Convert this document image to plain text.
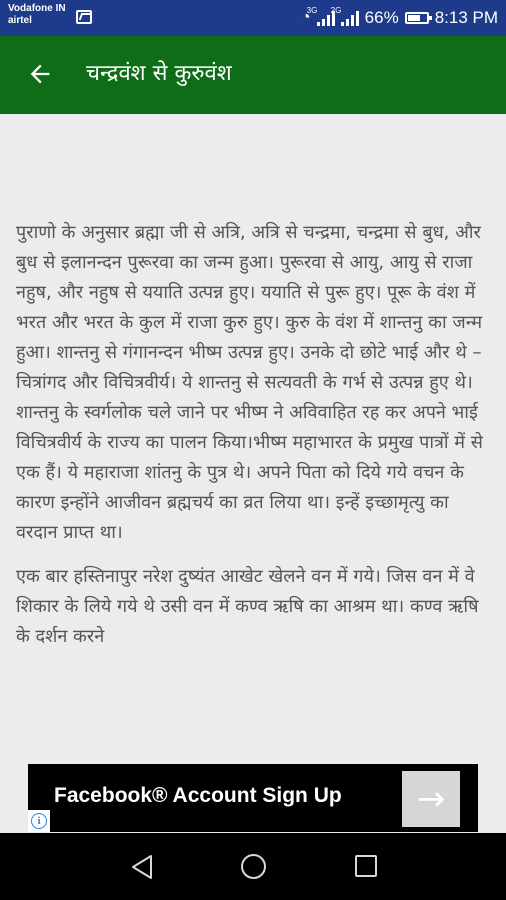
Vodafone IN
airtel	◔
3G 2G 66% 8:13 PM
चन्द्रवंश से कुरुवंश

पुराणो के अनुसार ब्रह्मा जी से अत्रि, अत्रि से चन्द्रमा, चन्द्रमा से बुध, और बुध से इलानन्दन पुरूरवा का जन्म हुआ। पुरूरवा से आयु, आयु से राजा नहुष, और नहुष से ययाति उत्पन्न हुए। ययाति से पुरू हुए। पूरू के वंश में भरत और भरत के कुल में राजा कुरु हुए। कुरु के वंश में शान्तनु का जन्म हुआ। शान्तनु से गंगानन्दन भीष्म उत्पन्न हुए। उनके दो छोटे भाई और थे – चित्रांगद और विचित्रवीर्य। ये शान्तनु से सत्यवती के गर्भ से उत्पन्न हुए थे। शान्तनु के स्वर्गलोक चले जाने पर भीष्म ने अविवाहित रह कर अपने भाई विचित्रवीर्य के राज्य का पालन किया।भीष्म महाभारत के प्रमुख पात्रों में से एक हैं। ये महाराजा शांतनु के पुत्र थे। अपने पिता को दिये गये वचन के कारण इन्होंने आजीवन ब्रह्मचर्य का व्रत लिया था। इन्हें इच्छामृत्यु का वरदान प्राप्त था।

एक बार हस्तिनापुर नरेश दुष्यंत आखेट खेलने वन में गये। जिस वन में वे शिकार के लिये गये थे उसी वन में कण्व ऋषि का आश्रम था। कण्व ऋषि के दर्शन करने

Facebook® Account Sign Up	→
i
